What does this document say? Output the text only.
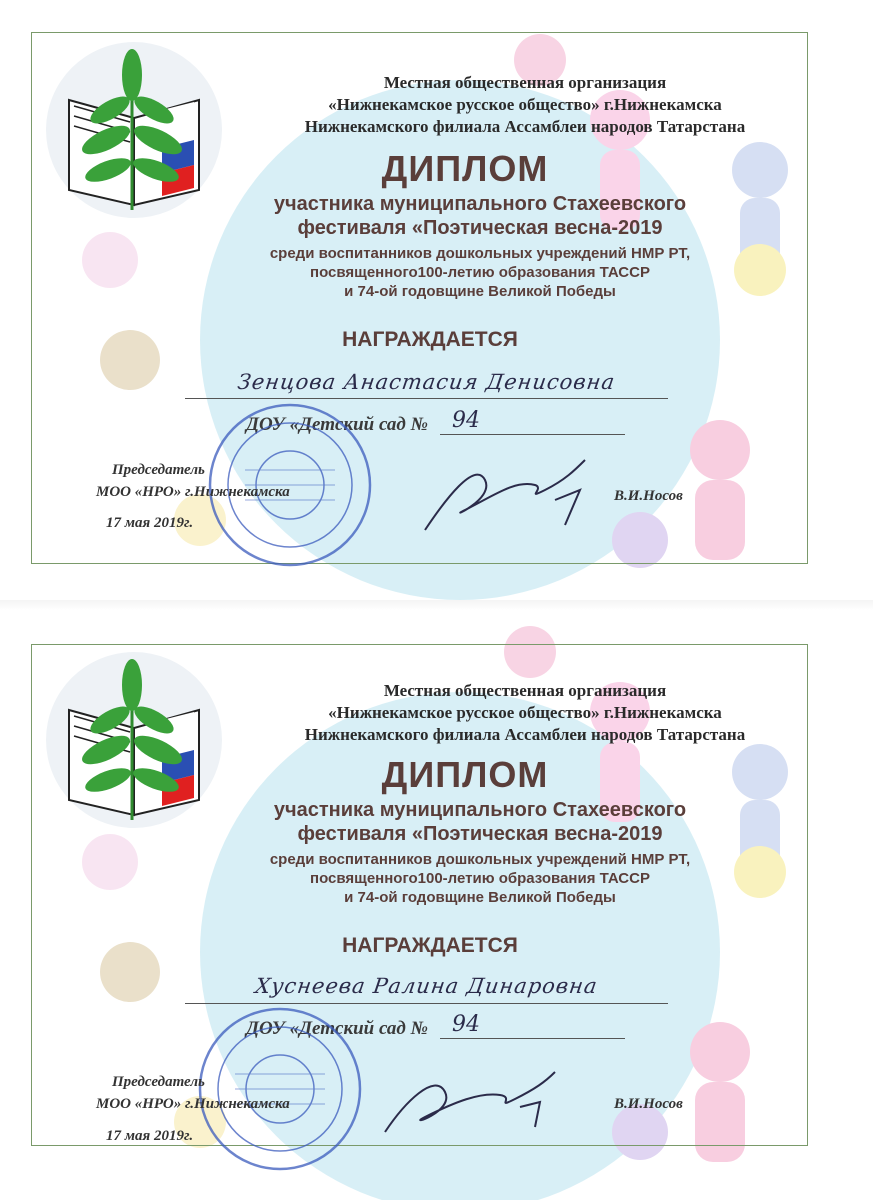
Местная общественная организация
«Нижнекамское русское общество» г.Нижнекамска
Нижнекамского филиала Ассамблеи народов Татарстана
ДИПЛОМ
участника муниципального Стахеевского
фестиваля «Поэтическая весна-2019
среди воспитанников дошкольных учреждений НМР РТ,
посвященного100-летию образования ТАССР
и 74-ой годовщине Великой Победы
НАГРАЖДАЕТСЯ
Зенцова Анастасия Денисовна
ДОУ «Детский сад № 94
Председатель
МОО «НРО» г.Нижнекамска
17 мая 2019г.
В.И.Носов
Местная общественная организация
«Нижнекамское русское общество» г.Нижнекамска
Нижнекамского филиала Ассамблеи народов Татарстана
ДИПЛОМ
участника муниципального Стахеевского
фестиваля «Поэтическая весна-2019
среди воспитанников дошкольных учреждений НМР РТ,
посвященного100-летию образования ТАССР
и 74-ой годовщине Великой Победы
НАГРАЖДАЕТСЯ
Хуснеева Ралина Динаровна
ДОУ «Детский сад № 94
Председатель
МОО «НРО» г.Нижнекамска
17 мая 2019г.
В.И.Носов
